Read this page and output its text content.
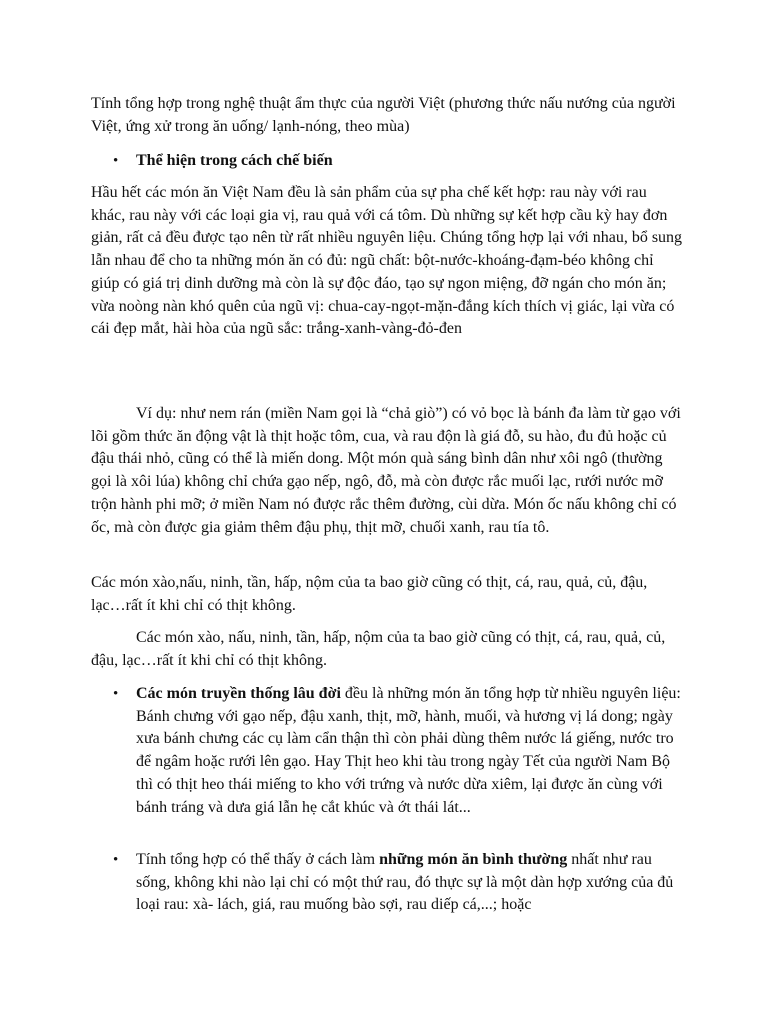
Tính tổng hợp trong nghệ thuật ẩm thực của người Việt (phương thức nấu nướng của người Việt, ứng xử trong ăn uống/ lạnh-nóng, theo mùa)

•

Thể hiện trong cách chế biến

Hầu hết các món ăn Việt Nam đều là sản phẩm của sự pha chế kết hợp: rau này với rau khác, rau này với các loại gia vị, rau quả với cá tôm. Dù những sự kết hợp cầu kỳ hay đơn giản, rất cả đều được tạo nên từ rất nhiều nguyên liệu. Chúng tổng hợp lại với nhau, bổ sung lẫn nhau để cho ta những món ăn có đủ: ngũ chất: bột-nước-khoáng-đạm-béo không chỉ giúp có giá trị dinh dưỡng mà còn là sự độc đáo, tạo sự ngon miệng, đỡ ngán cho món ăn; vừa noòng nàn khó quên của ngũ vị: chua-cay-ngọt-mặn-đắng kích thích vị giác, lại vừa có cái đẹp mắt, hài hòa của ngũ sắc: trắng-xanh-vàng-đỏ-đen

Ví dụ: như nem rán (miền Nam gọi là “chả giò”) có vỏ bọc là bánh đa làm từ gạo với lõi gồm thức ăn động vật là thịt hoặc tôm, cua, và rau độn là giá đỗ, su hào, đu đủ hoặc củ đậu thái nhỏ, cũng có thể là miến dong. Một món quà sáng bình dân như xôi ngô (thường gọi là xôi lúa) không chỉ chứa gạo nếp, ngô, đỗ, mà còn được rắc muối lạc, rưới nước mỡ trộn hành phi mỡ; ở miền Nam nó được rắc thêm đường, cùi dừa. Món ốc nấu không chỉ có ốc, mà còn được gia giảm thêm đậu phụ, thịt mỡ, chuối xanh, rau tía tô.

Các món xào,nấu, ninh, tần, hấp, nộm của ta bao giờ cũng có thịt, cá, rau, quả, củ, đậu, lạc…rất ít khi chỉ có thịt không.

Các món xào, nấu, ninh, tần, hấp, nộm của ta bao giờ cũng có thịt, cá, rau, quả, củ, đậu, lạc…rất ít khi chỉ có thịt không.

•

Các món truyền thống lâu đời đều là những món ăn tổng hợp từ nhiều nguyên liệu: Bánh chưng với gạo nếp, đậu xanh, thịt, mỡ, hành, muối, và hương vị lá dong; ngày xưa bánh chưng các cụ làm cẩn thận thì còn phải dùng thêm nước lá giếng, nước tro để ngâm hoặc rưới lên gạo. Hay Thịt heo khi tàu trong ngày Tết của người Nam Bộ thì có thịt heo thái miếng to kho với trứng và nước dừa xiêm, lại được ăn cùng với bánh tráng và dưa giá lẫn hẹ cắt khúc và ớt thái lát...

•

Tính tổng hợp có thể thấy ở cách làm những món ăn bình thường nhất như rau sống, không khi nào lại chỉ có một thứ rau, đó thực sự là một dàn hợp xướng của đủ loại rau: xà- lách, giá, rau muống bào sợi, rau diếp cá,...; hoặc
